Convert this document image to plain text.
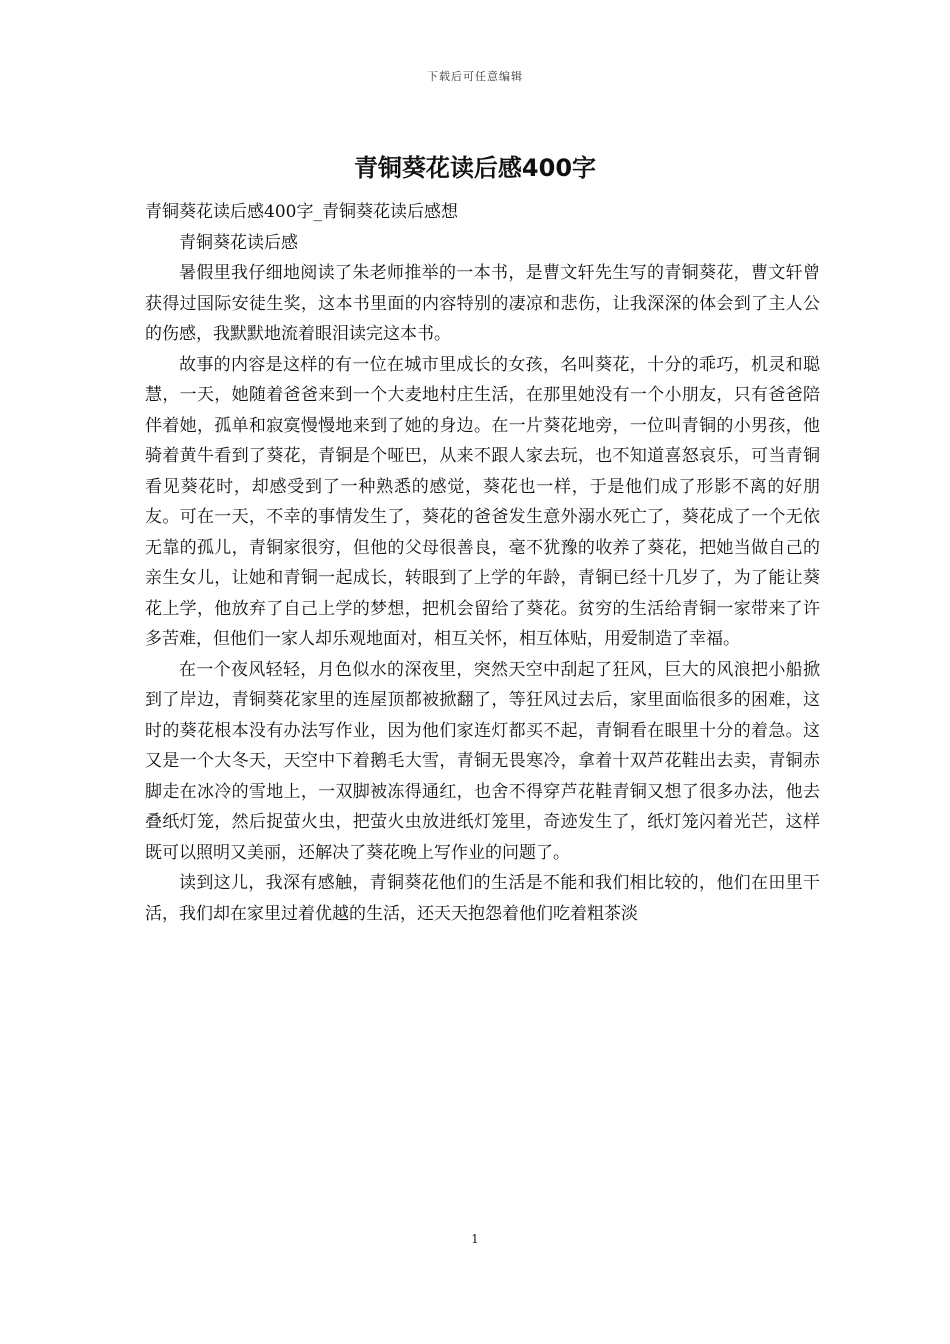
下载后可任意编辑
青铜葵花读后感400字

青铜葵花读后感400字_青铜葵花读后感想

青铜葵花读后感

暑假里我仔细地阅读了朱老师推举的一本书，是曹文轩先生写的青铜葵花，曹文轩曾获得过国际安徒生奖，这本书里面的内容特别的凄凉和悲伤，让我深深的体会到了主人公的伤感，我默默地流着眼泪读完这本书。

故事的内容是这样的有一位在城市里成长的女孩，名叫葵花，十分的乖巧，机灵和聪慧，一天，她随着爸爸来到一个大麦地村庄生活，在那里她没有一个小朋友，只有爸爸陪伴着她，孤单和寂寞慢慢地来到了她的身边。在一片葵花地旁，一位叫青铜的小男孩，他骑着黄牛看到了葵花，青铜是个哑巴，从来不跟人家去玩，也不知道喜怒哀乐，可当青铜看见葵花时，却感受到了一种熟悉的感觉，葵花也一样，于是他们成了形影不离的好朋友。可在一天，不幸的事情发生了，葵花的爸爸发生意外溺水死亡了，葵花成了一个无依无靠的孤儿，青铜家很穷，但他的父母很善良，毫不犹豫的收养了葵花，把她当做自己的亲生女儿，让她和青铜一起成长，转眼到了上学的年龄，青铜已经十几岁了，为了能让葵花上学，他放弃了自己上学的梦想，把机会留给了葵花。贫穷的生活给青铜一家带来了许多苦难，但他们一家人却乐观地面对，相互关怀，相互体贴，用爱制造了幸福。

在一个夜风轻轻，月色似水的深夜里，突然天空中刮起了狂风，巨大的风浪把小船掀到了岸边，青铜葵花家里的连屋顶都被掀翻了，等狂风过去后，家里面临很多的困难，这时的葵花根本没有办法写作业，因为他们家连灯都买不起，青铜看在眼里十分的着急。这又是一个大冬天，天空中下着鹅毛大雪，青铜无畏寒冷，拿着十双芦花鞋出去卖，青铜赤脚走在冰冷的雪地上，一双脚被冻得通红，也舍不得穿芦花鞋青铜又想了很多办法，他去叠纸灯笼，然后捉萤火虫，把萤火虫放进纸灯笼里，奇迹发生了，纸灯笼闪着光芒，这样既可以照明又美丽，还解决了葵花晚上写作业的问题了。

读到这儿，我深有感触，青铜葵花他们的生活是不能和我们相比较的，他们在田里干活，我们却在家里过着优越的生活，还天天抱怨着他们吃着粗茶淡

1
